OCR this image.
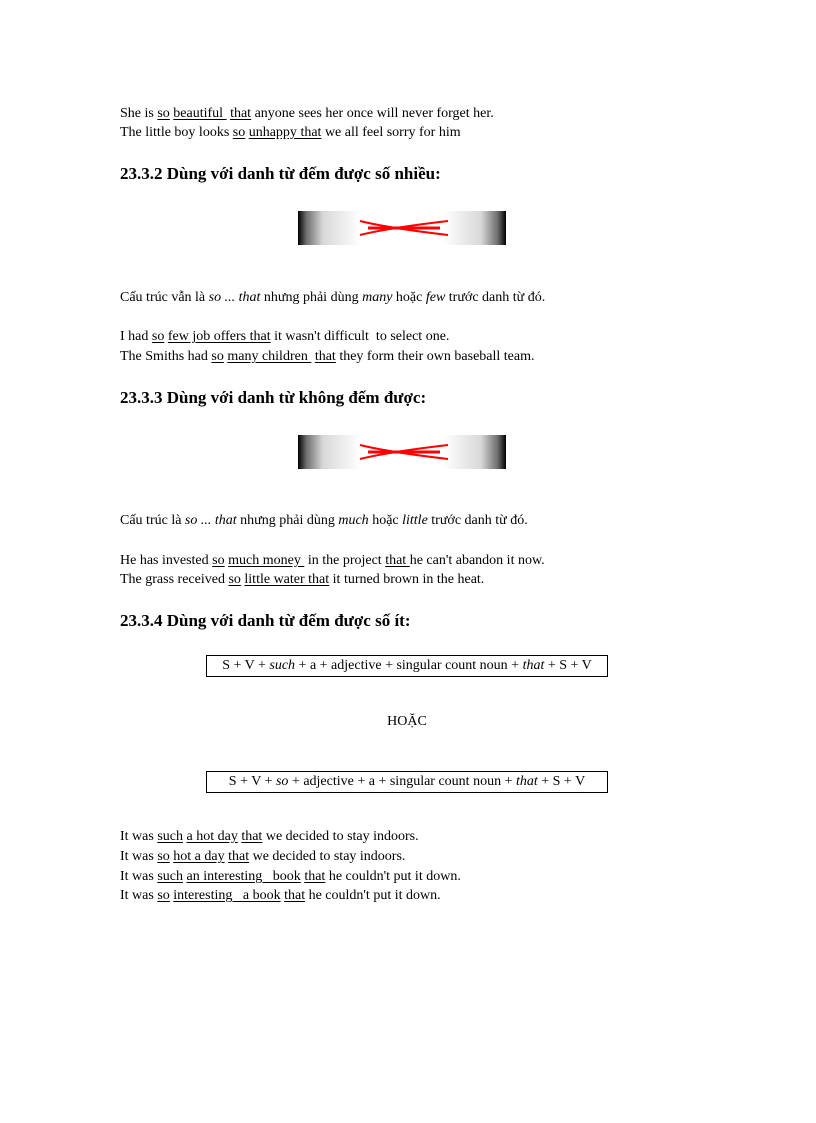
She is so beautiful  that anyone sees her once will never forget her.
The little boy looks so unhappy that we all feel sorry for him
23.3.2 Dùng với danh từ đếm được số nhiều:
Cấu trúc vẫn là so ... that nhưng phải dùng many hoặc few trước danh từ đó.
I had so few job offers that it wasn't difficult  to select one.
The Smiths had so many children  that they form their own baseball team.
23.3.3 Dùng với danh từ không đếm được:
Cấu trúc là so ... that nhưng phải dùng much hoặc little trước danh từ đó.
He has invested so much money  in the project that he can't abandon it now.
The grass received so little water that it turned brown in the heat.
23.3.4 Dùng với danh từ đếm được số ít:
S + V + such + a + adjective + singular count noun + that + S + V
HOẶC
S + V + so + adjective + a + singular count noun + that + S + V
It was such a hot day that we decided to stay indoors.
It was so hot a day that we decided to stay indoors.
It was such an interesting   book that he couldn't put it down.
It was so interesting   a book that he couldn't put it down.
